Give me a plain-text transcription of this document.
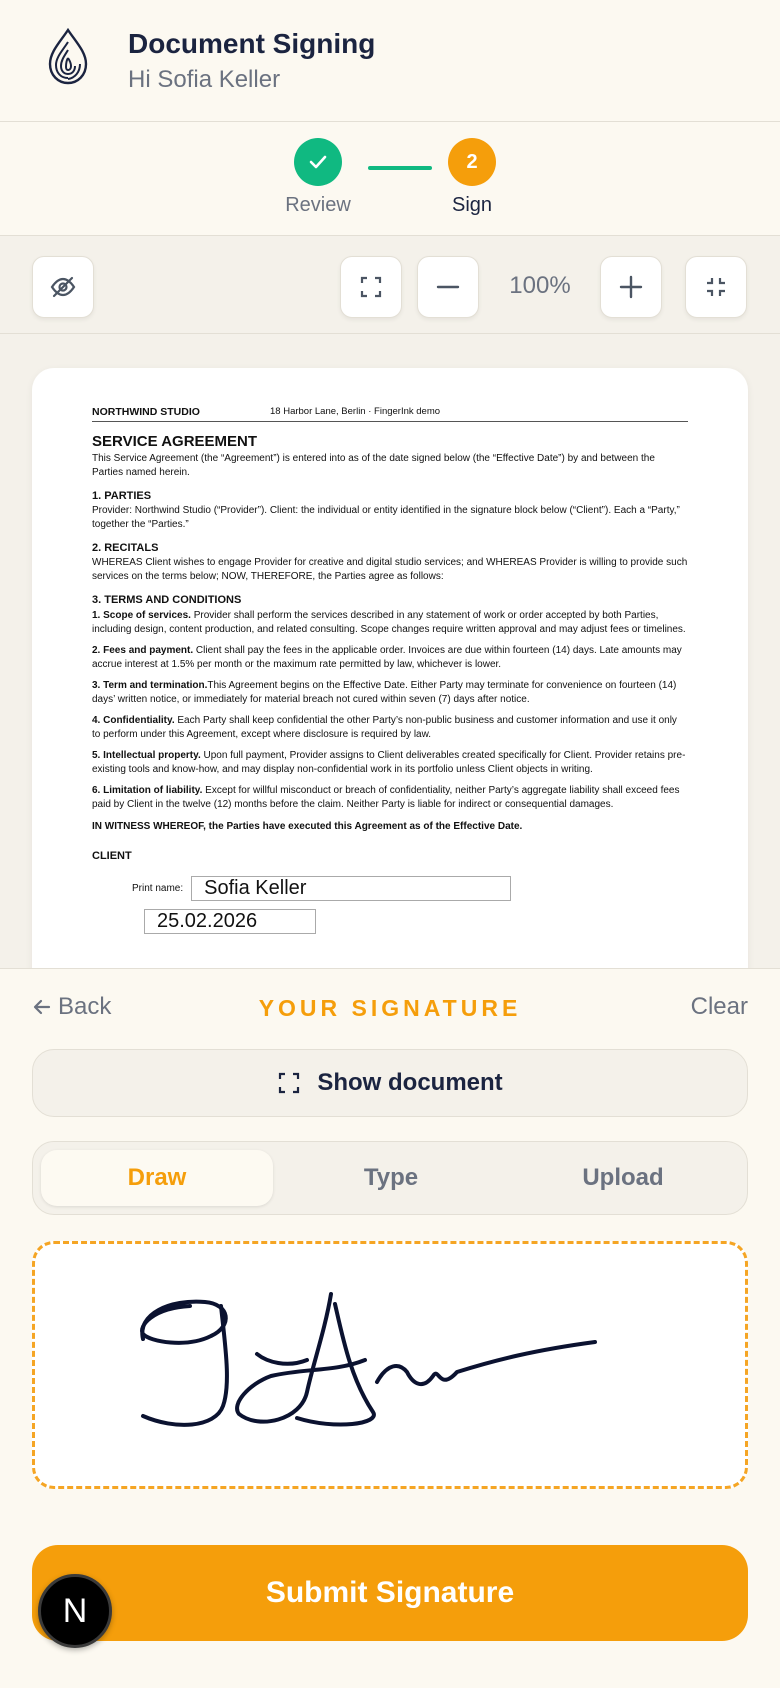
Document Signing
Hi Sofia Keller
2
Review	Sign
100%
NORTHWIND STUDIO	18 Harbor Lane, Berlin · FingerInk demo
SERVICE AGREEMENT

This Service Agreement (the “Agreement”) is entered into as of the date signed below (the “Effective Date”) by and between the Parties named herein.

1. PARTIES

Provider: Northwind Studio (“Provider”). Client: the individual or entity identified in the signature block below (“Client”). Each a “Party,” together the “Parties.”

2. RECITALS

WHEREAS Client wishes to engage Provider for creative and digital studio services; and WHEREAS Provider is willing to provide such services on the terms below; NOW, THEREFORE, the Parties agree as follows:

3. TERMS AND CONDITIONS

1. Scope of services. Provider shall perform the services described in any statement of work or order accepted by both Parties, including design, content production, and related consulting. Scope changes require written approval and may adjust fees or timelines.

2. Fees and payment. Client shall pay the fees in the applicable order. Invoices are due within fourteen (14) days. Late amounts may accrue interest at 1.5% per month or the maximum rate permitted by law, whichever is lower.

3. Term and termination.This Agreement begins on the Effective Date. Either Party may terminate for convenience on fourteen (14) days’ written notice, or immediately for material breach not cured within seven (7) days after notice.

4. Confidentiality. Each Party shall keep confidential the other Party’s non-public business and customer information and use it only to perform under this Agreement, except where disclosure is required by law.

5. Intellectual property. Upon full payment, Provider assigns to Client deliverables created specifically for Client. Provider retains pre-existing tools and know-how, and may display non-confidential work in its portfolio unless Client objects in writing.

6. Limitation of liability. Except for willful misconduct or breach of confidentiality, neither Party’s aggregate liability shall exceed fees paid by Client in the twelve (12) months before the claim. Neither Party is liable for indirect or consequential damages.

IN WITNESS WHEREOF, the Parties have executed this Agreement as of the Effective Date.

CLIENT
Print name:	Sofia Keller
25.02.2026
Back	YOUR SIGNATURE	Clear
Show document
Draw	Type	Upload
Submit Signature
N
